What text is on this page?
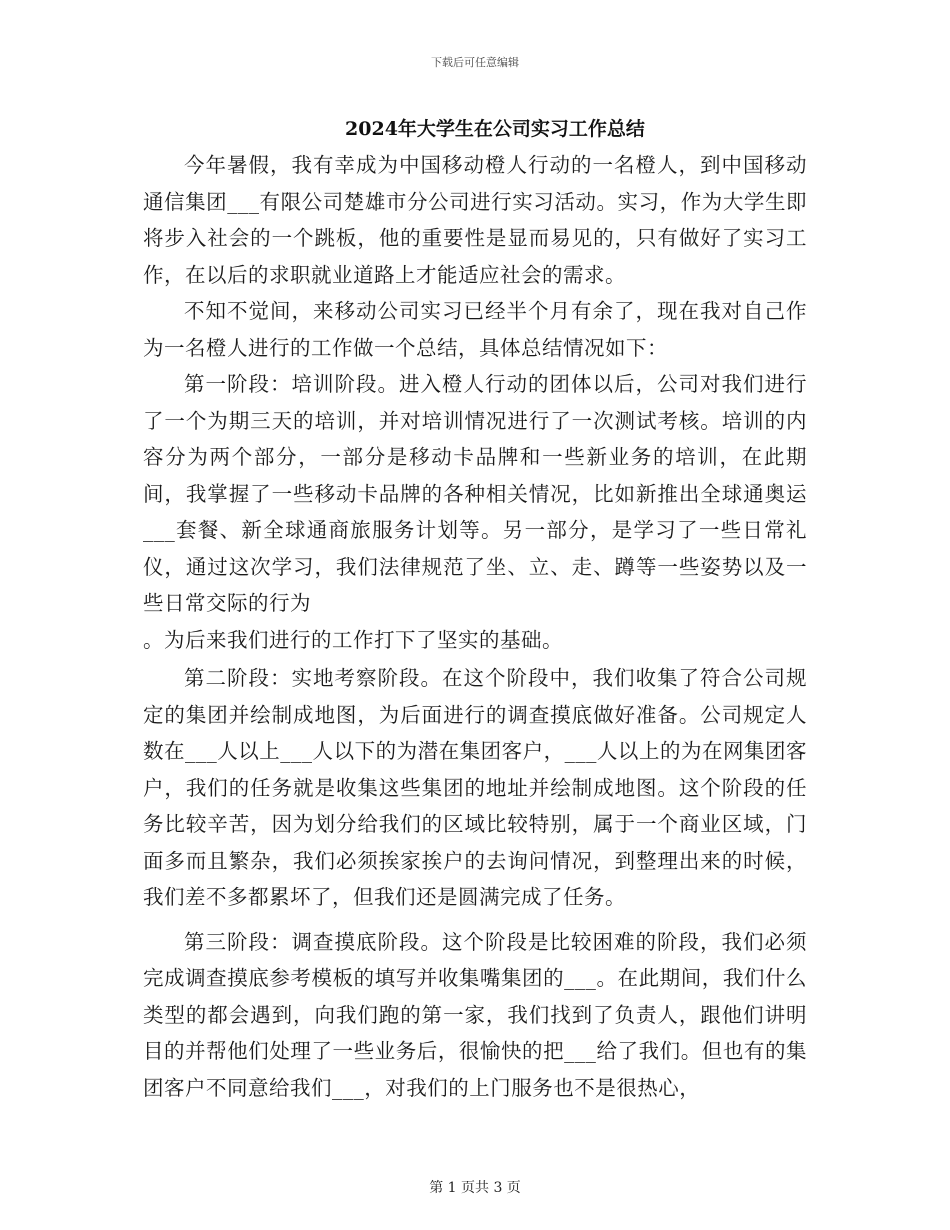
下载后可任意编辑
2024年大学生在公司实习工作总结

今年暑假，我有幸成为中国移动橙人行动的一名橙人，到中国移动通信集团___有限公司楚雄市分公司进行实习活动。实习，作为大学生即将步入社会的一个跳板，他的重要性是显而易见的，只有做好了实习工作，在以后的求职就业道路上才能适应社会的需求。

不知不觉间，来移动公司实习已经半个月有余了，现在我对自己作为一名橙人进行的工作做一个总结，具体总结情况如下：

第一阶段：培训阶段。进入橙人行动的团体以后，公司对我们进行了一个为期三天的培训，并对培训情况进行了一次测试考核。培训的内容分为两个部分，一部分是移动卡品牌和一些新业务的培训，在此期间，我掌握了一些移动卡品牌的各种相关情况，比如新推出全球通奥运___套餐、新全球通商旅服务计划等。另一部分，是学习了一些日常礼仪，通过这次学习，我们法律规范了坐、立、走、蹲等一些姿势以及一些日常交际的行为

。为后来我们进行的工作打下了坚实的基础。

第二阶段：实地考察阶段。在这个阶段中，我们收集了符合公司规定的集团并绘制成地图，为后面进行的调查摸底做好准备。公司规定人数在___人以上___人以下的为潜在集团客户，___人以上的为在网集团客户，我们的任务就是收集这些集团的地址并绘制成地图。这个阶段的任务比较辛苦，因为划分给我们的区域比较特别，属于一个商业区域，门面多而且繁杂，我们必须挨家挨户的去询问情况，到整理出来的时候，我们差不多都累坏了，但我们还是圆满完成了任务。

第三阶段：调查摸底阶段。这个阶段是比较困难的阶段，我们必须完成调查摸底参考模板的填写并收集嘴集团的___。在此期间，我们什么类型的都会遇到，向我们跑的第一家，我们找到了负责人，跟他们讲明目的并帮他们处理了一些业务后，很愉快的把___给了我们。但也有的集团客户不同意给我们___，对我们的上门服务也不是很热心，

第 1 页共 3 页
